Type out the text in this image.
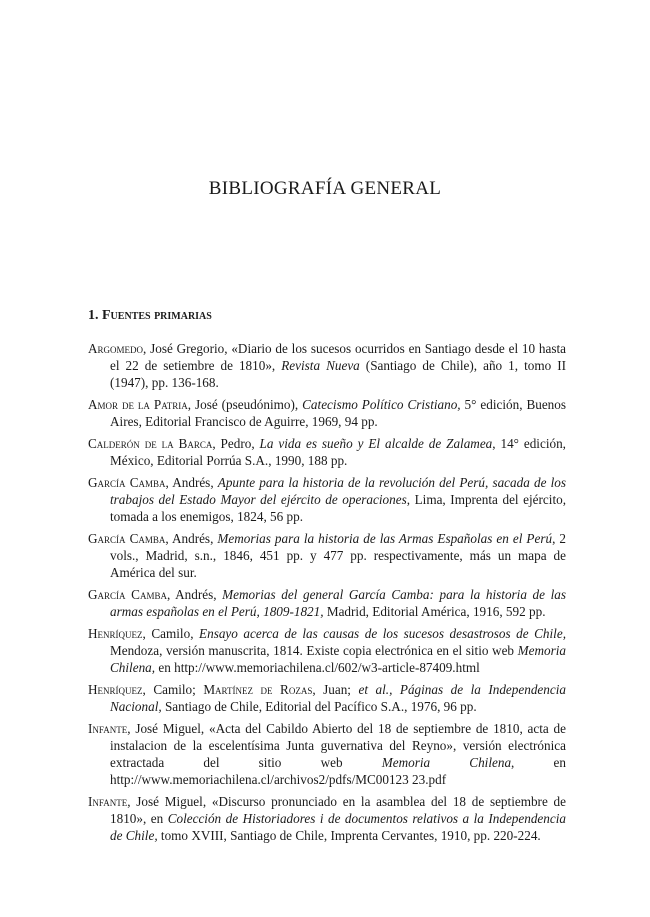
BIBLIOGRAFÍA GENERAL
1. Fuentes primarias
Argomedo, José Gregorio, «Diario de los sucesos ocurridos en Santiago desde el 10 hasta el 22 de setiembre de 1810», Revista Nueva (Santiago de Chile), año 1, tomo II (1947), pp. 136-168.
Amor de la Patria, José (pseudónimo), Catecismo Político Cristiano, 5° edición, Buenos Aires, Editorial Francisco de Aguirre, 1969, 94 pp.
Calderón de la Barca, Pedro, La vida es sueño y El alcalde de Zalamea, 14° edición, México, Editorial Porrúa S.A., 1990, 188 pp.
García Camba, Andrés, Apunte para la historia de la revolución del Perú, sacada de los trabajos del Estado Mayor del ejército de operaciones, Lima, Imprenta del ejército, tomada a los enemigos, 1824, 56 pp.
García Camba, Andrés, Memorias para la historia de las Armas Españolas en el Perú, 2 vols., Madrid, s.n., 1846, 451 pp. y 477 pp. respectivamente, más un mapa de América del sur.
García Camba, Andrés, Memorias del general García Camba: para la historia de las armas españolas en el Perú, 1809-1821, Madrid, Editorial América, 1916, 592 pp.
Henríquez, Camilo, Ensayo acerca de las causas de los sucesos desastrosos de Chile, Mendoza, versión manuscrita, 1814. Existe copia electrónica en el sitio web Memoria Chilena, en http://www.memoriachilena.cl/602/w3-article-87409.html
Henríquez, Camilo; Martínez de Rozas, Juan; et al., Páginas de la Independencia Nacional, Santiago de Chile, Editorial del Pacífico S.A., 1976, 96 pp.
Infante, José Miguel, «Acta del Cabildo Abierto del 18 de septiembre de 1810, acta de instalacion de la escelentísima Junta guvernativa del Reyno», versión electrónica extractada del sitio web Memoria Chilena, en http://www.memoriachilena.cl/archivos2/pdfs/MC00123 23.pdf
Infante, José Miguel, «Discurso pronunciado en la asamblea del 18 de septiembre de 1810», en Colección de Historiadores i de documentos relativos a la Independencia de Chile, tomo XVIII, Santiago de Chile, Imprenta Cervantes, 1910, pp. 220-224.
